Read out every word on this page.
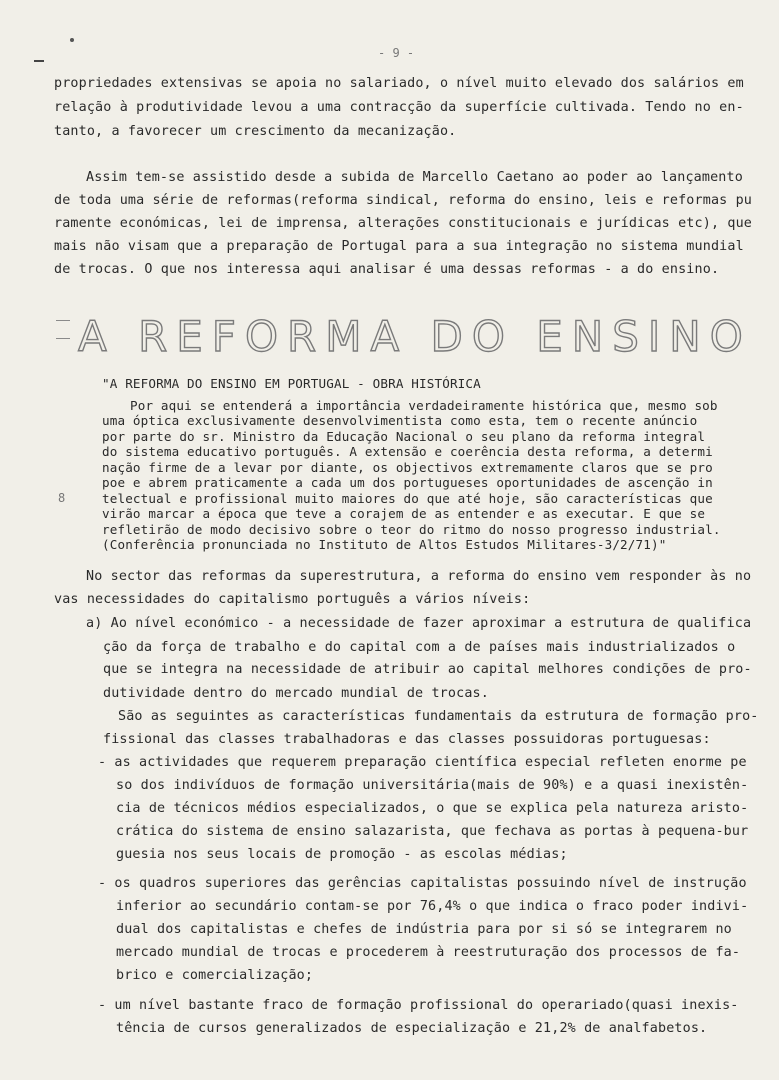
- 9 -
propriedades extensivas se apoia no salariado, o nível muito elevado dos salários em
relação à produtividade levou a uma contracção da superfície cultivada. Tendo no en-
tanto, a favorecer um crescimento da mecanização.
Assim tem-se assistido desde a subida de Marcello Caetano ao poder ao lançamento
de toda uma série de reformas(reforma sindical, reforma do ensino, leis e reformas pu
ramente económicas, lei de imprensa, alterações constitucionais e jurídicas etc), que
mais não visam que a preparação de Portugal para a sua integração no sistema mundial
de trocas. O que nos interessa aqui analisar é uma dessas reformas - a do ensino.
A REFORMA DO ENSINO
"A REFORMA DO ENSINO EM PORTUGAL - OBRA HISTÓRICA
Por aqui se entenderá a importância verdadeiramente histórica que, mesmo sob
uma óptica exclusivamente desenvolvimentista como esta, tem o recente anúncio
por parte do sr. Ministro da Educação Nacional o seu plano da reforma integral
do sistema educativo português. A extensão e coerência desta reforma, a determi
nação firme de a levar por diante, os objectivos extremamente claros que se pro
poe e abrem praticamente a cada um dos portugueses oportunidades de ascenção in
telectual e profissional muito maiores do que até hoje, são características que
virão marcar a época que teve a corajem de as entender e as executar. E que se
refletirão de modo decisivo sobre o teor do ritmo do nosso progresso industrial.
(Conferência pronunciada no Instituto de Altos Estudos Militares-3/2/71)"
8
No sector das reformas da superestrutura, a reforma do ensino vem responder às no
vas necessidades do capitalismo português a vários níveis:
a) Ao nível económico - a necessidade de fazer aproximar a estrutura de qualifica
ção da força de trabalho e do capital com a de países mais industrializados o
que se integra na necessidade de atribuir ao capital melhores condições de pro-
dutividade dentro do mercado mundial de trocas.
São as seguintes as características fundamentais da estrutura de formação pro-
fissional das classes trabalhadoras e das classes possuidoras portuguesas:
- as actividades que requerem preparação científica especial refleten enorme pe
so dos indivíduos de formação universitária(mais de 90%) e a quasi inexistên-
cia de técnicos médios especializados, o que se explica pela natureza aristo-
crática do sistema de ensino salazarista, que fechava as portas à pequena-bur
guesia nos seus locais de promoção - as escolas médias;
- os quadros superiores das gerências capitalistas possuindo nível de instrução
inferior ao secundário contam-se por 76,4% o que indica o fraco poder indivi-
dual dos capitalistas e chefes de indústria para por si só se integrarem no
mercado mundial de trocas e procederem à reestruturação dos processos de fa-
brico e comercialização;
- um nível bastante fraco de formação profissional do operariado(quasi inexis-
tência de cursos generalizados de especialização e 21,2% de analfabetos.
